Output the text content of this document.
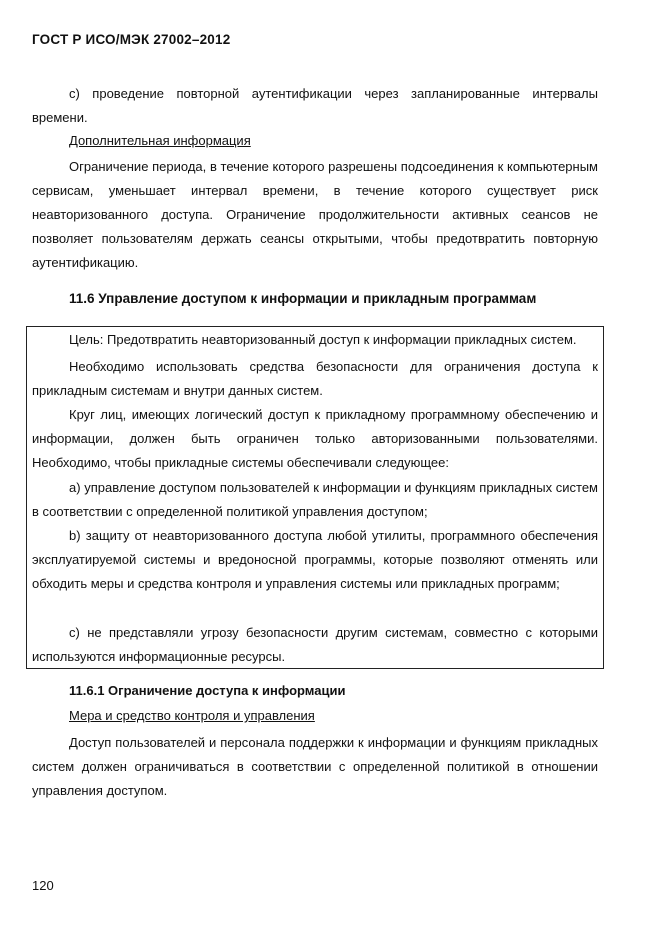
ГОСТ Р ИСО/МЭК 27002–2012

с) проведение повторной аутентификации через запланированные интервалы времени.

Дополнительная информация

Ограничение периода, в течение которого разрешены подсоединения к компьютерным сервисам, уменьшает интервал времени, в течение которого существует риск неавторизованного доступа. Ограничение продолжительности активных сеансов не позволяет пользователям держать сеансы открытыми, чтобы предотвратить повторную аутентификацию.

11.6 Управление доступом к информации и прикладным программам

Цель: Предотвратить неавторизованный доступ к информации прикладных систем.

Необходимо использовать средства безопасности для ограничения доступа к прикладным системам и внутри данных систем.

Круг лиц, имеющих логический доступ к прикладному программному обеспечению и информации, должен быть ограничен только авторизованными пользователями. Необходимо, чтобы прикладные системы обеспечивали следующее:

а) управление доступом пользователей к информации и функциям прикладных систем в соответствии с определенной политикой управления доступом;

b) защиту от неавторизованного доступа любой утилиты, программного обеспечения эксплуатируемой системы и вредоносной программы, которые позволяют отменять или обходить меры и средства контроля и управления системы или прикладных программ;

с) не представляли угрозу безопасности другим системам, совместно с которыми используются информационные ресурсы.

11.6.1 Ограничение доступа к информации

Мера и средство контроля и управления

Доступ пользователей и персонала поддержки к информации и функциям прикладных систем должен ограничиваться в соответствии с определенной политикой в отношении управления доступом.

120
